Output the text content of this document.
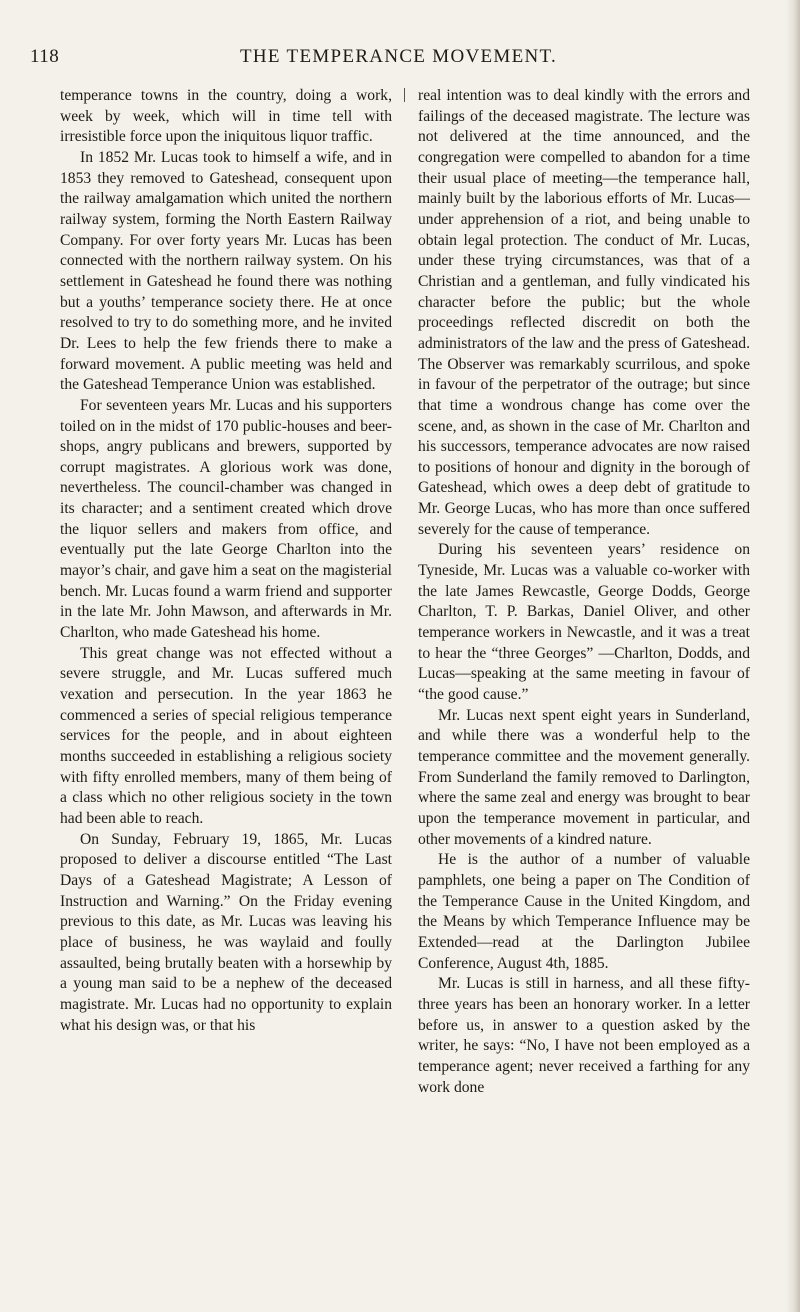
118	THE TEMPERANCE MOVEMENT.

temperance towns in the country, doing a work, week by week, which will in time tell with irresistible force upon the iniquitous liquor traffic.

In 1852 Mr. Lucas took to himself a wife, and in 1853 they removed to Gateshead, consequent upon the railway amalgamation which united the northern railway system, forming the North Eastern Railway Company. For over forty years Mr. Lucas has been connected with the northern railway system. On his settlement in Gateshead he found there was nothing but a youths’ temperance society there. He at once resolved to try to do something more, and he invited Dr. Lees to help the few friends there to make a forward movement. A public meeting was held and the Gateshead Temperance Union was established.

For seventeen years Mr. Lucas and his supporters toiled on in the midst of 170 public-houses and beer-shops, angry publicans and brewers, supported by corrupt magistrates. A glorious work was done, nevertheless. The council-chamber was changed in its character; and a sentiment created which drove the liquor sellers and makers from office, and eventually put the late George Charlton into the mayor’s chair, and gave him a seat on the magisterial bench. Mr. Lucas found a warm friend and supporter in the late Mr. John Mawson, and afterwards in Mr. Charlton, who made Gateshead his home.

This great change was not effected without a severe struggle, and Mr. Lucas suffered much vexation and persecution. In the year 1863 he commenced a series of special religious temperance services for the people, and in about eighteen months succeeded in establishing a religious society with fifty enrolled members, many of them being of a class which no other religious society in the town had been able to reach.

On Sunday, February 19, 1865, Mr. Lucas proposed to deliver a discourse entitled “The Last Days of a Gateshead Magistrate; A Lesson of Instruction and Warning.” On the Friday evening previous to this date, as Mr. Lucas was leaving his place of business, he was waylaid and foully assaulted, being brutally beaten with a horsewhip by a young man said to be a nephew of the deceased magistrate. Mr. Lucas had no opportunity to explain what his design was, or that his

real intention was to deal kindly with the errors and failings of the deceased magistrate. The lecture was not delivered at the time announced, and the congregation were compelled to abandon for a time their usual place of meeting—the temperance hall, mainly built by the laborious efforts of Mr. Lucas—under apprehension of a riot, and being unable to obtain legal protection. The conduct of Mr. Lucas, under these trying circumstances, was that of a Christian and a gentleman, and fully vindicated his character before the public; but the whole proceedings reflected discredit on both the administrators of the law and the press of Gateshead. The Observer was remarkably scurrilous, and spoke in favour of the perpetrator of the outrage; but since that time a wondrous change has come over the scene, and, as shown in the case of Mr. Charlton and his successors, temperance advocates are now raised to positions of honour and dignity in the borough of Gateshead, which owes a deep debt of gratitude to Mr. George Lucas, who has more than once suffered severely for the cause of temperance.

During his seventeen years’ residence on Tyneside, Mr. Lucas was a valuable co-worker with the late James Rewcastle, George Dodds, George Charlton, T. P. Barkas, Daniel Oliver, and other temperance workers in Newcastle, and it was a treat to hear the “three Georges” —Charlton, Dodds, and Lucas—speaking at the same meeting in favour of “the good cause.”

Mr. Lucas next spent eight years in Sunderland, and while there was a wonderful help to the temperance committee and the movement generally. From Sunderland the family removed to Darlington, where the same zeal and energy was brought to bear upon the temperance movement in particular, and other movements of a kindred nature.

He is the author of a number of valuable pamphlets, one being a paper on The Condition of the Temperance Cause in the United Kingdom, and the Means by which Temperance Influence may be Extended—read at the Darlington Jubilee Conference, August 4th, 1885.

Mr. Lucas is still in harness, and all these fifty-three years has been an honorary worker. In a letter before us, in answer to a question asked by the writer, he says: “No, I have not been employed as a temperance agent; never received a farthing for any work done
